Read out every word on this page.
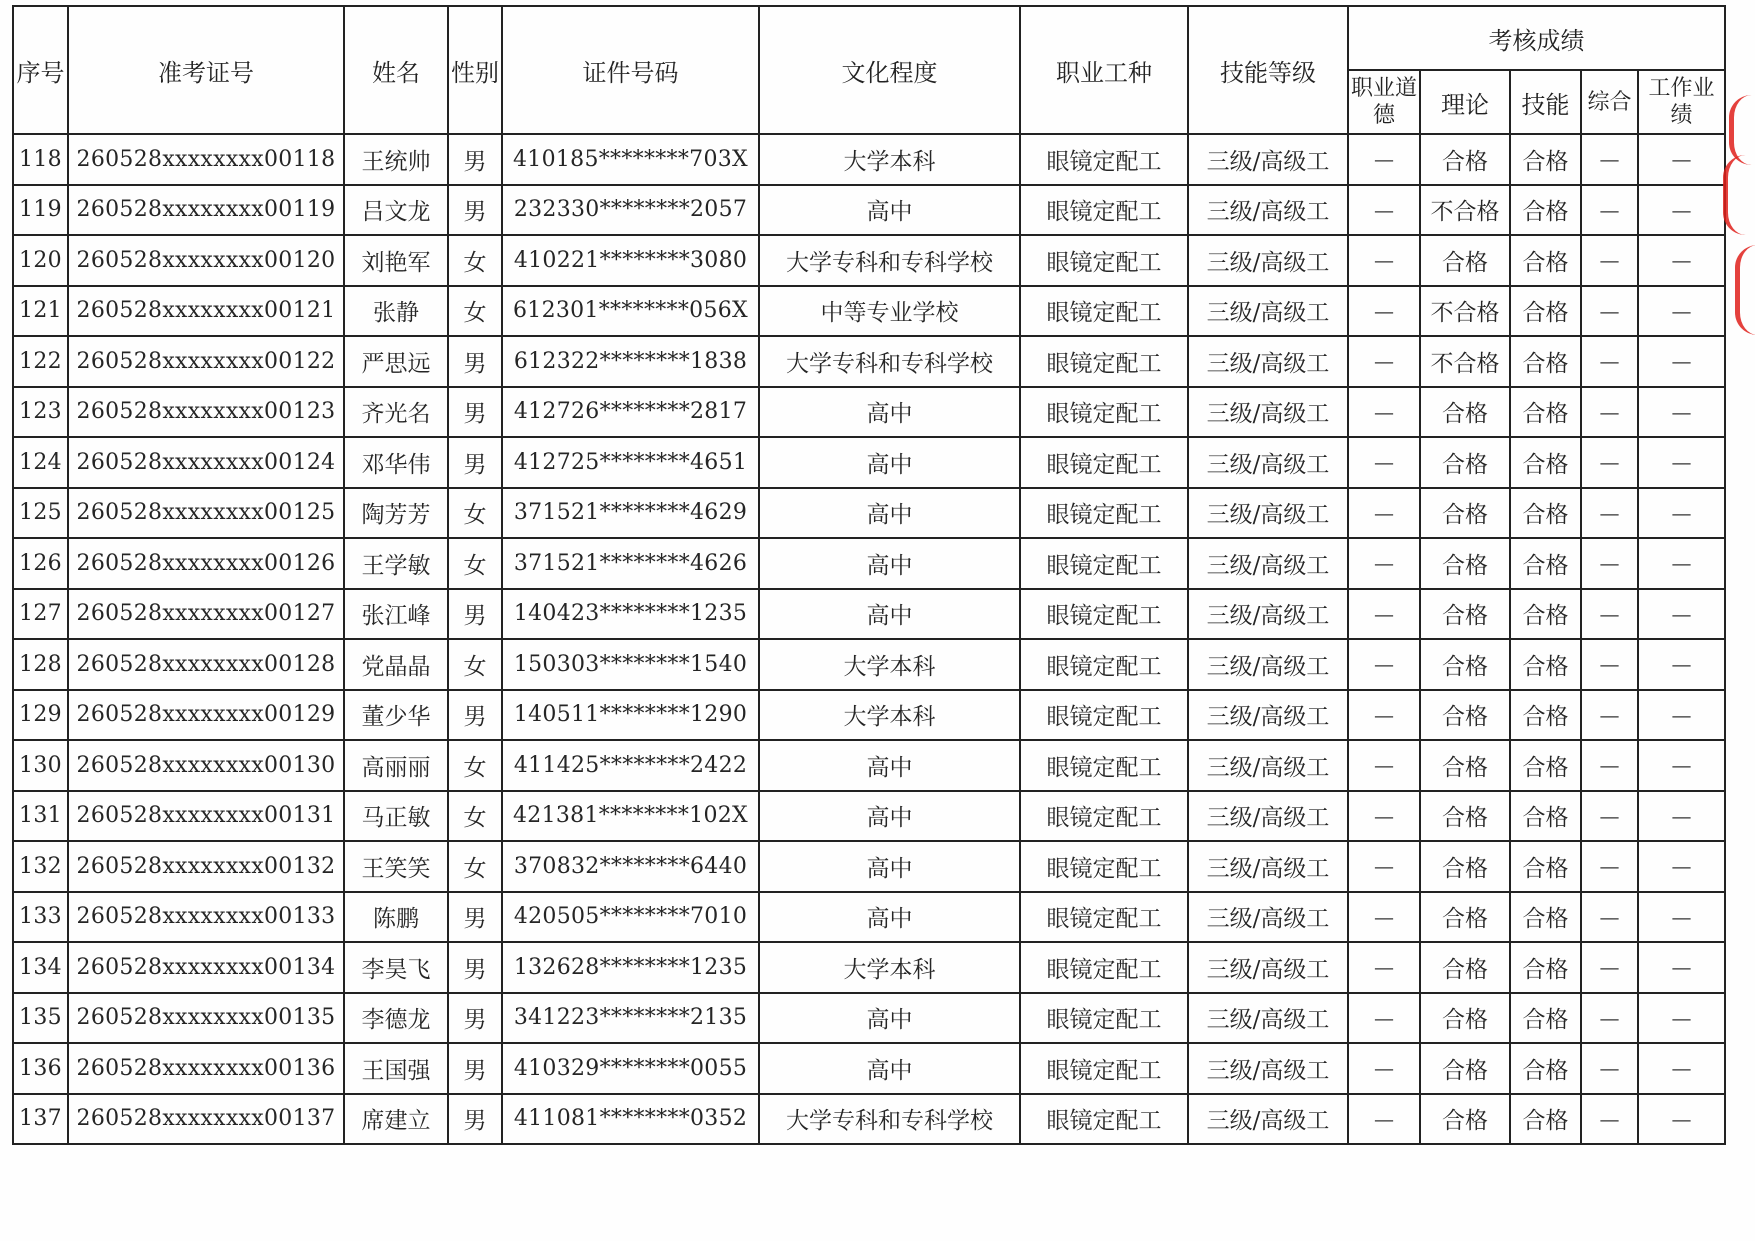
序号	准考证号	姓名	性别	证件号码	文化程度	职业工种	技能等级	考核成绩				
								职业道德	理论	技能	综合	工作业绩
118	260528xxxxxxxx00118	王统帅	男	410185********703X	大学本科	眼镜定配工	三级/高级工	—	合格	合格	—	—
119	260528xxxxxxxx00119	吕文龙	男	232330********2057	高中	眼镜定配工	三级/高级工	—	不合格	合格	—	—
120	260528xxxxxxxx00120	刘艳军	女	410221********3080	大学专科和专科学校	眼镜定配工	三级/高级工	—	合格	合格	—	—
121	260528xxxxxxxx00121	张静	女	612301********056X	中等专业学校	眼镜定配工	三级/高级工	—	不合格	合格	—	—
122	260528xxxxxxxx00122	严思远	男	612322********1838	大学专科和专科学校	眼镜定配工	三级/高级工	—	不合格	合格	—	—
123	260528xxxxxxxx00123	齐光名	男	412726********2817	高中	眼镜定配工	三级/高级工	—	合格	合格	—	—
124	260528xxxxxxxx00124	邓华伟	男	412725********4651	高中	眼镜定配工	三级/高级工	—	合格	合格	—	—
125	260528xxxxxxxx00125	陶芳芳	女	371521********4629	高中	眼镜定配工	三级/高级工	—	合格	合格	—	—
126	260528xxxxxxxx00126	王学敏	女	371521********4626	高中	眼镜定配工	三级/高级工	—	合格	合格	—	—
127	260528xxxxxxxx00127	张江峰	男	140423********1235	高中	眼镜定配工	三级/高级工	—	合格	合格	—	—
128	260528xxxxxxxx00128	党晶晶	女	150303********1540	大学本科	眼镜定配工	三级/高级工	—	合格	合格	—	—
129	260528xxxxxxxx00129	董少华	男	140511********1290	大学本科	眼镜定配工	三级/高级工	—	合格	合格	—	—
130	260528xxxxxxxx00130	高丽丽	女	411425********2422	高中	眼镜定配工	三级/高级工	—	合格	合格	—	—
131	260528xxxxxxxx00131	马正敏	女	421381********102X	高中	眼镜定配工	三级/高级工	—	合格	合格	—	—
132	260528xxxxxxxx00132	王笑笑	女	370832********6440	高中	眼镜定配工	三级/高级工	—	合格	合格	—	—
133	260528xxxxxxxx00133	陈鹏	男	420505********7010	高中	眼镜定配工	三级/高级工	—	合格	合格	—	—
134	260528xxxxxxxx00134	李昊飞	男	132628********1235	大学本科	眼镜定配工	三级/高级工	—	合格	合格	—	—
135	260528xxxxxxxx00135	李德龙	男	341223********2135	高中	眼镜定配工	三级/高级工	—	合格	合格	—	—
136	260528xxxxxxxx00136	王国强	男	410329********0055	高中	眼镜定配工	三级/高级工	—	合格	合格	—	—
137	260528xxxxxxxx00137	席建立	男	411081********0352	大学专科和专科学校	眼镜定配工	三级/高级工	—	合格	合格	—	—
